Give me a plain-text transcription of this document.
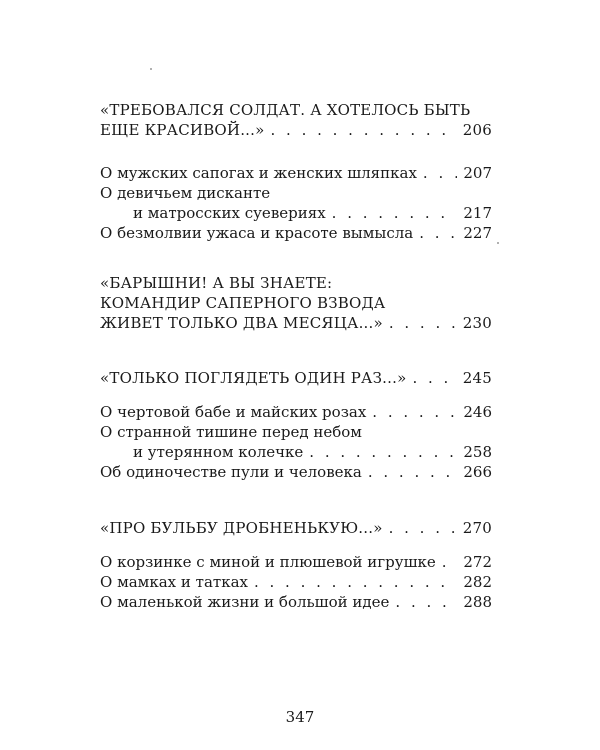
«ТРЕБОВАЛСЯ СОЛДАТ. А ХОТЕЛОСЬ БЫТЬ
ЕЩЕ КРАСИВОЙ...» . . .	206
О мужских сапогах и женских шляпках . . .	207
О девичьем дисканте
и матросских суевериях . . .	217
О безмолвии ужаса и красоте вымысла . . .	227
«БАРЫШНИ! А ВЫ ЗНАЕТЕ:
КОМАНДИР САПЕРНОГО ВЗВОДА
ЖИВЕТ ТОЛЬКО ДВА МЕСЯЦА...» . . .	230
«ТОЛЬКО ПОГЛЯДЕТЬ ОДИН РАЗ...» . . .	245
О чертовой бабе и майских розах . . .	246
О странной тишине перед небом
и утерянном колечке . . .	258
Об одиночестве пули и человека . . .	266
«ПРО БУЛЬБУ ДРОБНЕНЬКУЮ...» . . .	270
О корзинке с миной и плюшевой игрушке . . . 272
О мамках и татках . . .	282
О маленькой жизни и большой идее . . .	288
347
